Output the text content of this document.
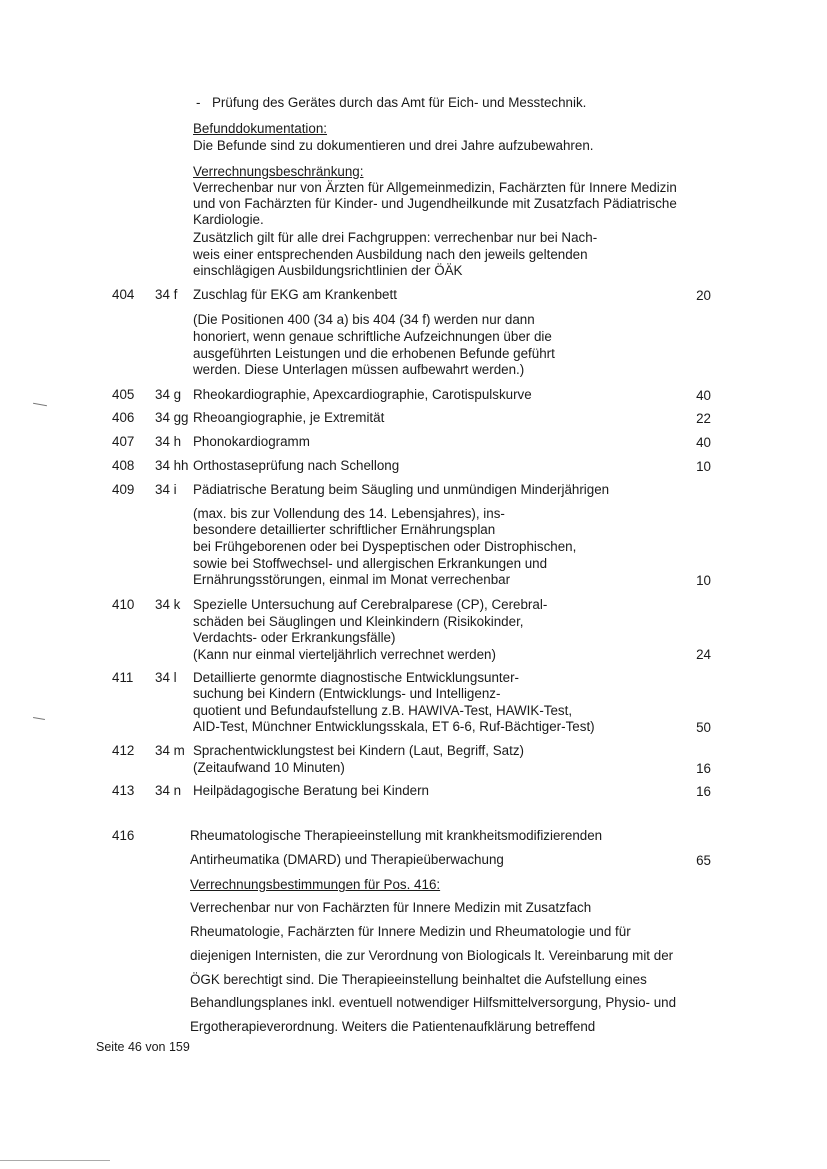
- Prüfung des Gerätes durch das Amt für Eich- und Messtechnik.
Befunddokumentation:
Die Befunde sind zu dokumentieren und drei Jahre aufzubewahren.
Verrechnungsbeschränkung:
Verrechenbar nur von Ärzten für Allgemeinmedizin, Fachärzten für Innere Medizin
und von Fachärzten für Kinder- und Jugendheilkunde mit Zusatzfach Pädiatrische
Kardiologie.
Zusätzlich gilt für alle drei Fachgruppen: verrechenbar nur bei Nach-
weis einer entsprechenden Ausbildung nach den jeweils geltenden
einschlägigen Ausbildungsrichtlinien der ÖÄK
404 34 f Zuschlag für EKG am Krankenbett	20
(Die Positionen 400 (34 a) bis 404 (34 f) werden nur dann
honoriert, wenn genaue schriftliche Aufzeichnungen über die
ausgeführten Leistungen und die erhobenen Befunde geführt
werden. Diese Unterlagen müssen aufbewahrt werden.)
405 34 g Rheokardiographie, Apexcardiographie, Carotispulskurve	40
406 34 gg Rheoangiographie, je Extremität	22
407 34 h Phonokardiogramm	40
408 34 hh Orthostaseprüfung nach Schellong	10
409 34 i Pädiatrische Beratung beim Säugling und unmündigen Minderjährigen
(max. bis zur Vollendung des 14. Lebensjahres), ins-
besondere detaillierter schriftlicher Ernährungsplan
bei Frühgeborenen oder bei Dyspeptischen oder Distrophischen,
sowie bei Stoffwechsel- und allergischen Erkrankungen und
Ernährungsstörungen, einmal im Monat verrechenbar	10
410 34 k Spezielle Untersuchung auf Cerebralparese (CP), Cerebral-
schäden bei Säuglingen und Kleinkindern (Risikokinder,
Verdachts- oder Erkrankungsfälle)
(Kann nur einmal vierteljährlich verrechnet werden)	24
411 34 l Detaillierte genormte diagnostische Entwicklungsunter-
suchung bei Kindern (Entwicklungs- und Intelligenz-
quotient und Befundaufstellung z.B. HAWIVA-Test, HAWIK-Test,
AID-Test, Münchner Entwicklungsskala, ET 6-6, Ruf-Bächtiger-Test)	50
412 34 m Sprachentwicklungstest bei Kindern (Laut, Begriff, Satz)
(Zeitaufwand 10 Minuten)	16
413 34 n Heilpädagogische Beratung bei Kindern	16
416	Rheumatologische Therapieeinstellung mit krankheitsmodifizierenden
Antirheumatika (DMARD) und Therapieüberwachung	65
Verrechnungsbestimmungen für Pos. 416:
Verrechenbar nur von Fachärzten für Innere Medizin mit Zusatzfach
Rheumatologie, Fachärzten für Innere Medizin und Rheumatologie und für
diejenigen Internisten, die zur Verordnung von Biologicals lt. Vereinbarung mit der
ÖGK berechtigt sind. Die Therapieeinstellung beinhaltet die Aufstellung eines
Behandlungsplanes inkl. eventuell notwendiger Hilfsmittelversorgung, Physio- und
Ergotherapieverordnung. Weiters die Patientenaufklärung betreffend
Seite 46 von 159
